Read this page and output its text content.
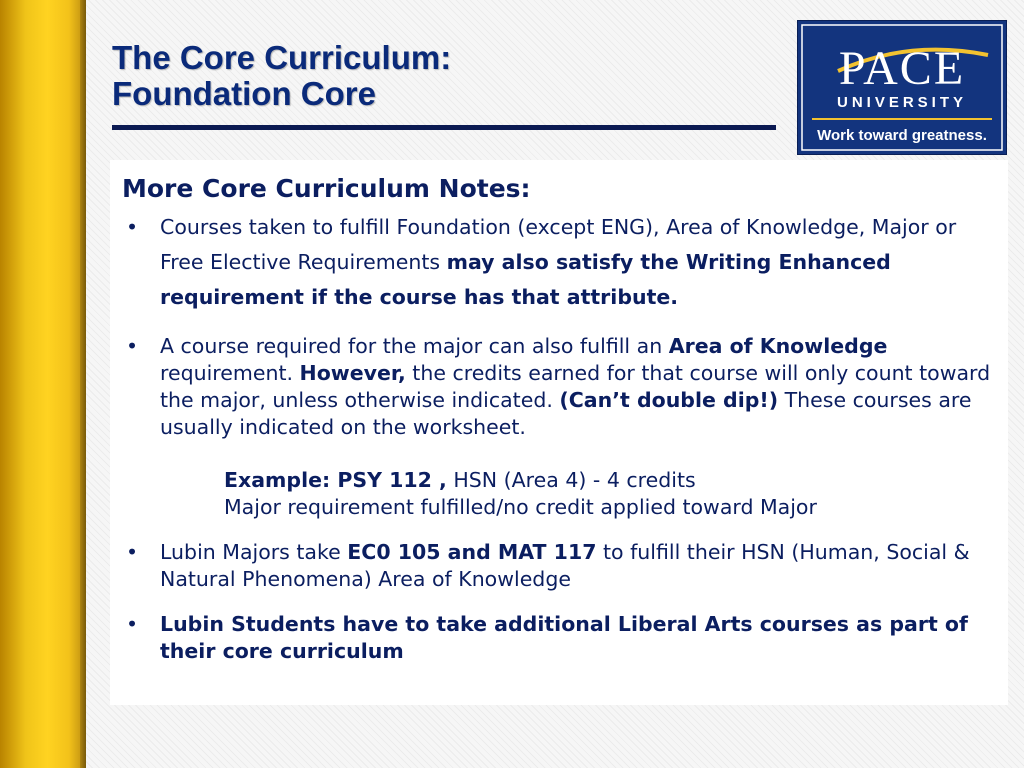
The Core Curriculum:
Foundation Core	PACE
UNIVERSITY
Work toward greatness.
More Core Curriculum Notes:
• Courses taken to fulfill Foundation (except ENG), Area of Knowledge, Major or Free Elective Requirements may also satisfy the Writing Enhanced requirement if the course has that attribute.
• A course required for the major can also fulfill an Area of Knowledge requirement. However, the credits earned for that course will only count toward the major, unless otherwise indicated. (Can’t double dip!) These courses are usually indicated on the worksheet.
Example: PSY 112 , HSN (Area 4) - 4 credits
Major requirement fulfilled/no credit applied toward Major
• Lubin Majors take EC0 105 and MAT 117 to fulfill their HSN (Human, Social & Natural Phenomena) Area of Knowledge
• Lubin Students have to take additional Liberal Arts courses as part of their core curriculum
